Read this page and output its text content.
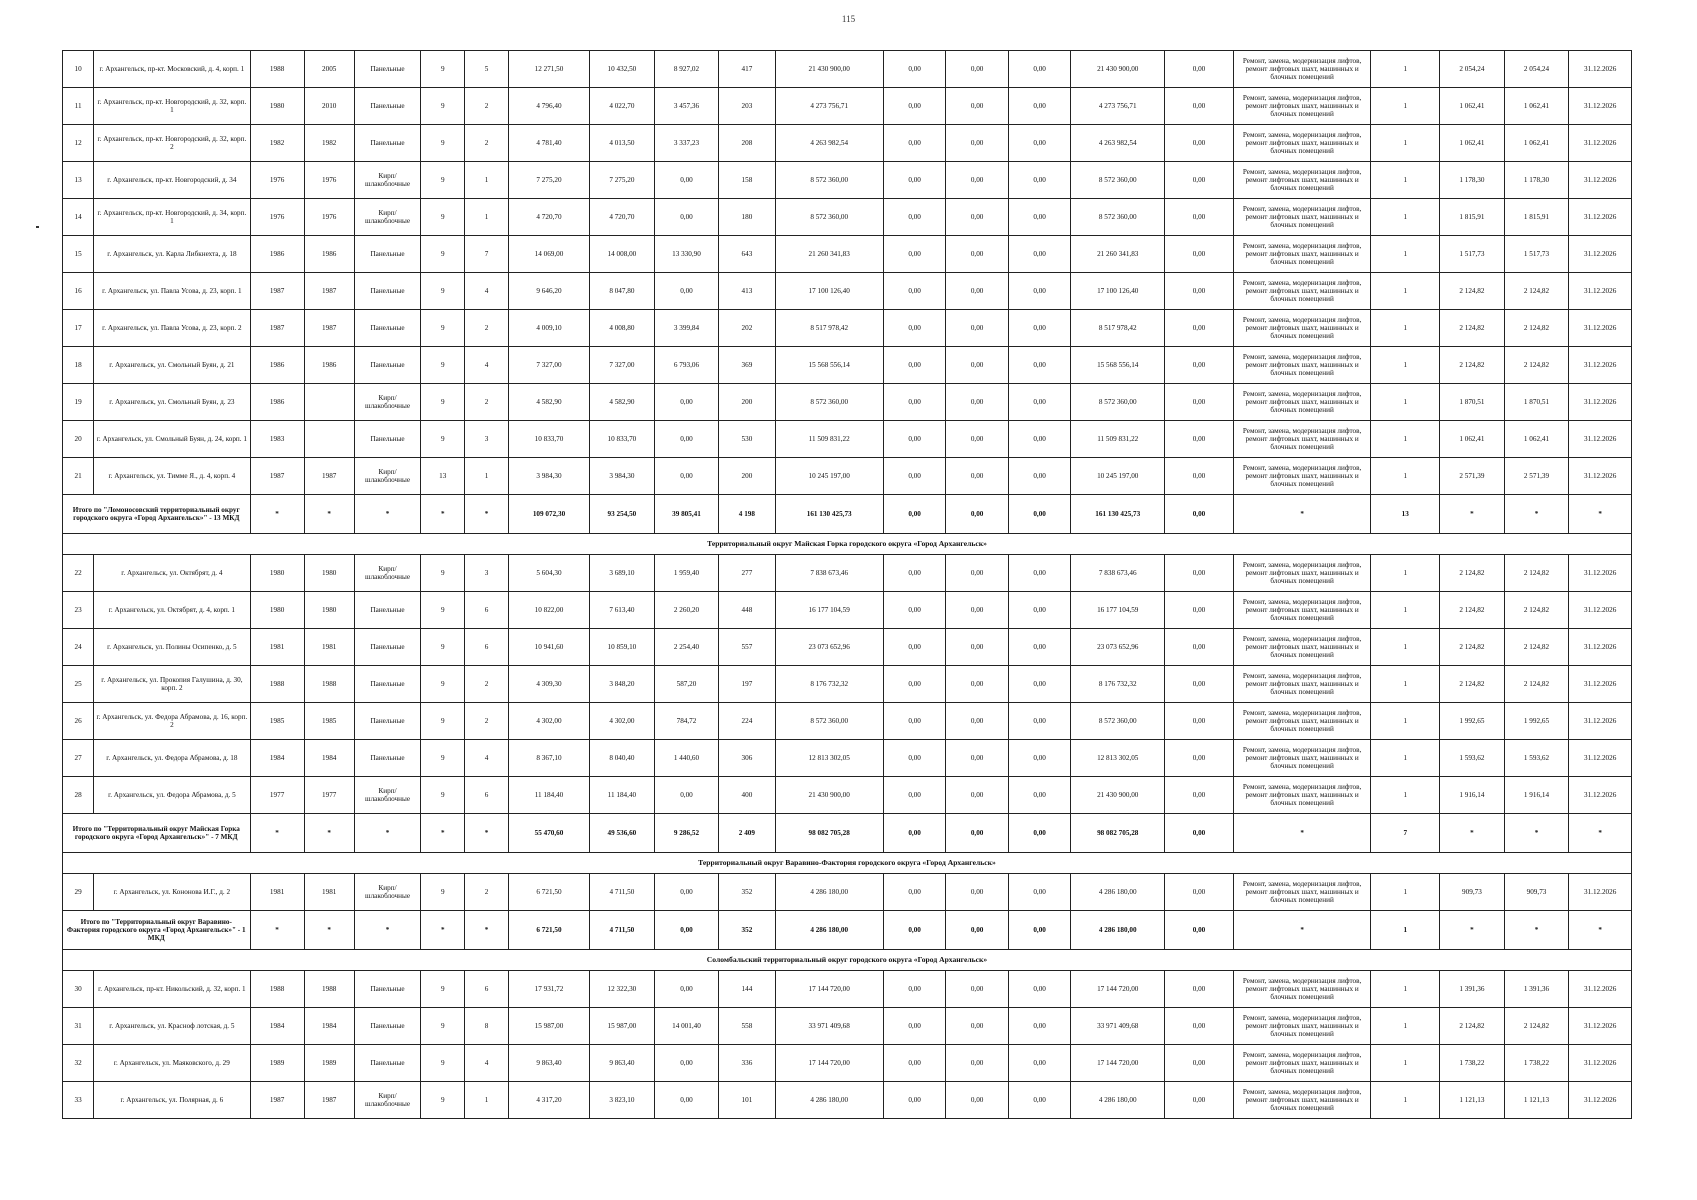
115
10	г. Архангельск, пр-кт. Московский, д. 4, корп. 1	1988	2005	Панельные	9	5	12 271,50	10 432,50	8 927,02	417	21 430 900,00	0,00	0,00	0,00	21 430 900,00	0,00	Ремонт, замена, модернизация лифтов, ремонт лифтовых шахт, машинных и блочных помещений	1	2 054,24	2 054,24	31.12.2026
11	г. Архангельск, пр-кт. Новгородский, д. 32, корп. 1	1980	2010	Панельные	9	2	4 796,40	4 022,70	3 457,36	203	4 273 756,71	0,00	0,00	0,00	4 273 756,71	0,00	Ремонт, замена, модернизация лифтов, ремонт лифтовых шахт, машинных и блочных помещений	1	1 062,41	1 062,41	31.12.2026
12	г. Архангельск, пр-кт. Новгородский, д. 32, корп. 2	1982	1982	Панельные	9	2	4 781,40	4 013,50	3 337,23	208	4 263 982,54	0,00	0,00	0,00	4 263 982,54	0,00	Ремонт, замена, модернизация лифтов, ремонт лифтовых шахт, машинных и блочных помещений	1	1 062,41	1 062,41	31.12.2026
13	г. Архангельск, пр-кт. Новгородский, д. 34	1976	1976	Кирп/ шлакоблочные	9	1	7 275,20	7 275,20	0,00	158	8 572 360,00	0,00	0,00	0,00	8 572 360,00	0,00	Ремонт, замена, модернизация лифтов, ремонт лифтовых шахт, машинных и блочных помещений	1	1 178,30	1 178,30	31.12.2026
14	г. Архангельск, пр-кт. Новгородский, д. 34, корп. 1	1976	1976	Кирп/ шлакоблочные	9	1	4 720,70	4 720,70	0,00	180	8 572 360,00	0,00	0,00	0,00	8 572 360,00	0,00	Ремонт, замена, модернизация лифтов, ремонт лифтовых шахт, машинных и блочных помещений	1	1 815,91	1 815,91	31.12.2026
15	г. Архангельск, ул. Карла Либкнехта, д. 18	1986	1986	Панельные	9	7	14 069,00	14 008,00	13 330,90	643	21 260 341,83	0,00	0,00	0,00	21 260 341,83	0,00	Ремонт, замена, модернизация лифтов, ремонт лифтовых шахт, машинных и блочных помещений	1	1 517,73	1 517,73	31.12.2026
16	г. Архангельск, ул. Павла Усова, д. 23, корп. 1	1987	1987	Панельные	9	4	9 646,20	8 047,80	0,00	413	17 100 126,40	0,00	0,00	0,00	17 100 126,40	0,00	Ремонт, замена, модернизация лифтов, ремонт лифтовых шахт, машинных и блочных помещений	1	2 124,82	2 124,82	31.12.2026
17	г. Архангельск, ул. Павла Усова, д. 23, корп. 2	1987	1987	Панельные	9	2	4 009,10	4 008,80	3 399,84	202	8 517 978,42	0,00	0,00	0,00	8 517 978,42	0,00	Ремонт, замена, модернизация лифтов, ремонт лифтовых шахт, машинных и блочных помещений	1	2 124,82	2 124,82	31.12.2026
18	г. Архангельск, ул. Смольный Буян, д. 21	1986	1986	Панельные	9	4	7 327,00	7 327,00	6 793,06	369	15 568 556,14	0,00	0,00	0,00	15 568 556,14	0,00	Ремонт, замена, модернизация лифтов, ремонт лифтовых шахт, машинных и блочных помещений	1	2 124,82	2 124,82	31.12.2026
19	г. Архангельск, ул. Смольный Буян, д. 23	1986		Кирп/ шлакоблочные	9	2	4 582,90	4 582,90	0,00	200	8 572 360,00	0,00	0,00	0,00	8 572 360,00	0,00	Ремонт, замена, модернизация лифтов, ремонт лифтовых шахт, машинных и блочных помещений	1	1 870,51	1 870,51	31.12.2026
20	г. Архангельск, ул. Смольный Буян, д. 24, корп. 1	1983		Панельные	9	3	10 833,70	10 833,70	0,00	530	11 509 831,22	0,00	0,00	0,00	11 509 831,22	0,00	Ремонт, замена, модернизация лифтов, ремонт лифтовых шахт, машинных и блочных помещений	1	1 062,41	1 062,41	31.12.2026
21	г. Архангельск, ул. Тимме Я., д. 4, корп. 4	1987	1987	Кирп/ шлакоблочные	13	1	3 984,30	3 984,30	0,00	200	10 245 197,00	0,00	0,00	0,00	10 245 197,00	0,00	Ремонт, замена, модернизация лифтов, ремонт лифтовых шахт, машинных и блочных помещений	1	2 571,39	2 571,39	31.12.2026
Итого по "Ломоносовский территориальный округ городского округа «Город Архангельск»" - 13 МКД		*	*	*	*	*	109 072,30	93 254,50	39 805,41	4 198	161 130 425,73	0,00	0,00	0,00	161 130 425,73	0,00	*	13	*	*	*
Территориальный округ Майская Горка городского округа «Город Архангельск»																					
22	г. Архангельск, ул. Октябрят, д. 4	1980	1980	Кирп/ шлакоблочные	9	3	5 604,30	3 689,10	1 959,40	277	7 838 673,46	0,00	0,00	0,00	7 838 673,46	0,00	Ремонт, замена, модернизация лифтов, ремонт лифтовых шахт, машинных и блочных помещений	1	2 124,82	2 124,82	31.12.2026
23	г. Архангельск, ул. Октябрят, д. 4, корп. 1	1980	1980	Панельные	9	6	10 822,00	7 613,40	2 260,20	448	16 177 104,59	0,00	0,00	0,00	16 177 104,59	0,00	Ремонт, замена, модернизация лифтов, ремонт лифтовых шахт, машинных и блочных помещений	1	2 124,82	2 124,82	31.12.2026
24	г. Архангельск, ул. Полины Осипенко, д. 5	1981	1981	Панельные	9	6	10 941,60	10 859,10	2 254,40	557	23 073 652,96	0,00	0,00	0,00	23 073 652,96	0,00	Ремонт, замена, модернизация лифтов, ремонт лифтовых шахт, машинных и блочных помещений	1	2 124,82	2 124,82	31.12.2026
25	г. Архангельск, ул. Прокопия Галушина, д. 30, корп. 2	1988	1988	Панельные	9	2	4 309,30	3 848,20	587,20	197	8 176 732,32	0,00	0,00	0,00	8 176 732,32	0,00	Ремонт, замена, модернизация лифтов, ремонт лифтовых шахт, машинных и блочных помещений	1	2 124,82	2 124,82	31.12.2026
26	г. Архангельск, ул. Федора Абрамова, д. 16, корп. 2	1985	1985	Панельные	9	2	4 302,00	4 302,00	784,72	224	8 572 360,00	0,00	0,00	0,00	8 572 360,00	0,00	Ремонт, замена, модернизация лифтов, ремонт лифтовых шахт, машинных и блочных помещений	1	1 992,65	1 992,65	31.12.2026
27	г. Архангельск, ул. Федора Абрамова, д. 18	1984	1984	Панельные	9	4	8 367,10	8 040,40	1 440,60	306	12 813 302,05	0,00	0,00	0,00	12 813 302,05	0,00	Ремонт, замена, модернизация лифтов, ремонт лифтовых шахт, машинных и блочных помещений	1	1 593,62	1 593,62	31.12.2026
28	г. Архангельск, ул. Федора Абрамова, д. 5	1977	1977	Кирп/ шлакоблочные	9	6	11 184,40	11 184,40	0,00	400	21 430 900,00	0,00	0,00	0,00	21 430 900,00	0,00	Ремонт, замена, модернизация лифтов, ремонт лифтовых шахт, машинных и блочных помещений	1	1 916,14	1 916,14	31.12.2026
Итого по "Территориальный округ Майская Горка городского округа «Город Архангельск»" - 7 МКД		*	*	*	*	*	55 470,60	49 536,60	9 286,52	2 409	98 082 705,28	0,00	0,00	0,00	98 082 705,28	0,00	*	7	*	*	*
Территориальный округ Варавино-Фактория городского округа «Город Архангельск»																					
29	г. Архангельск, ул. Кононова И.Г., д. 2	1981	1981	Кирп/ шлакоблочные	9	2	6 721,50	4 711,50	0,00	352	4 286 180,00	0,00	0,00	0,00	4 286 180,00	0,00	Ремонт, замена, модернизация лифтов, ремонт лифтовых шахт, машинных и блочных помещений	1	909,73	909,73	31.12.2026
Итого по "Территориальный округ Варавино-Фактория городского округа «Город Архангельск»" - 1 МКД		*	*	*	*	*	6 721,50	4 711,50	0,00	352	4 286 180,00	0,00	0,00	0,00	4 286 180,00	0,00	*	1	*	*	*
Соломбальский территориальный округ городского округа «Город Архангельск»																					
30	г. Архангельск, пр-кт. Никольский, д. 32, корп. 1	1988	1988	Панельные	9	6	17 931,72	12 322,30	0,00	144	17 144 720,00	0,00	0,00	0,00	17 144 720,00	0,00	Ремонт, замена, модернизация лифтов, ремонт лифтовых шахт, машинных и блочных помещений	1	1 391,36	1 391,36	31.12.2026
31	г. Архангельск, ул. Красноф лотская, д. 5	1984	1984	Панельные	9	8	15 987,00	15 987,00	14 001,40	558	33 971 409,68	0,00	0,00	0,00	33 971 409,68	0,00	Ремонт, замена, модернизация лифтов, ремонт лифтовых шахт, машинных и блочных помещений	1	2 124,82	2 124,82	31.12.2026
32	г. Архангельск, ул. Маяковского, д. 29	1989	1989	Панельные	9	4	9 863,40	9 863,40	0,00	336	17 144 720,00	0,00	0,00	0,00	17 144 720,00	0,00	Ремонт, замена, модернизация лифтов, ремонт лифтовых шахт, машинных и блочных помещений	1	1 738,22	1 738,22	31.12.2026
33	г. Архангельск, ул. Полярная, д. 6	1987	1987	Кирп/ шлакоблочные	9	1	4 317,20	3 823,10	0,00	101	4 286 180,00	0,00	0,00	0,00	4 286 180,00	0,00	Ремонт, замена, модернизация лифтов, ремонт лифтовых шахт, машинных и блочных помещений	1	1 121,13	1 121,13	31.12.2026
